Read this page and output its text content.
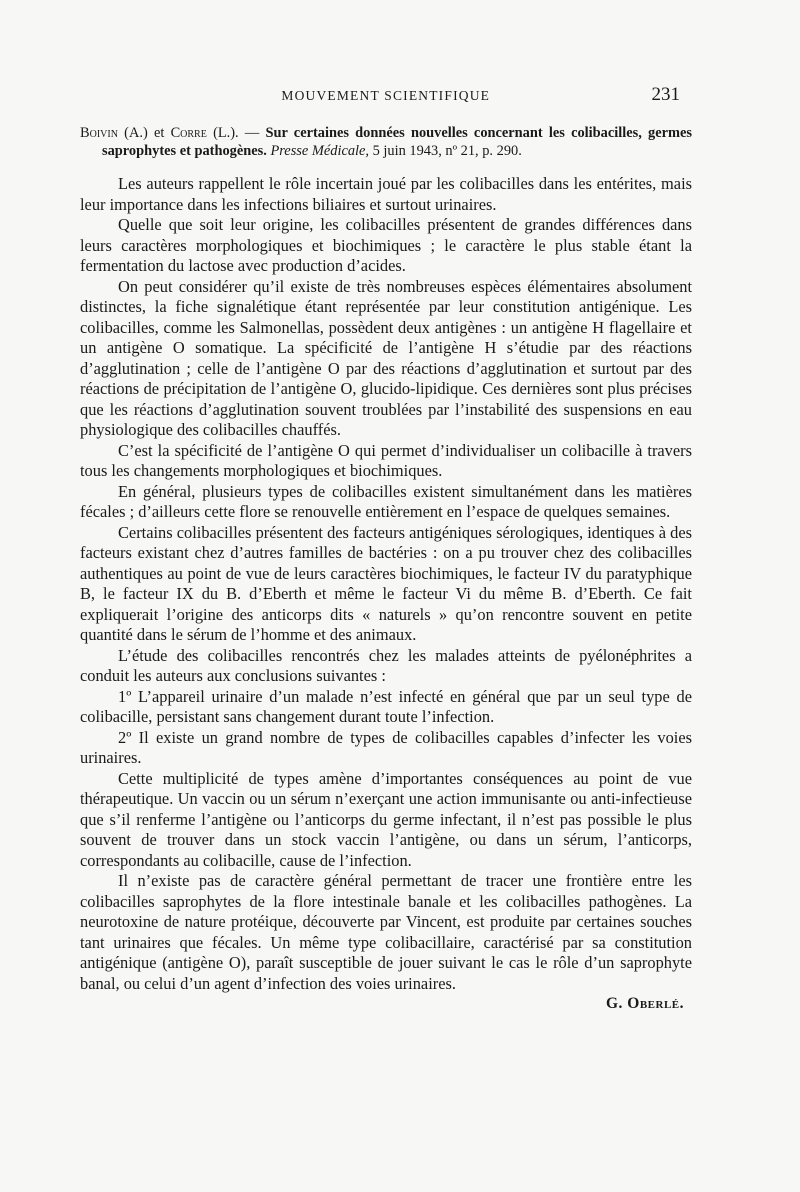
MOUVEMENT SCIENTIFIQUE	231

Boivin (A.) et Corre (L.). — Sur certaines données nouvelles concernant les colibacilles, germes saprophytes et pathogènes. Presse Médicale, 5 juin 1943, nº 21, p. 290.

Les auteurs rappellent le rôle incertain joué par les colibacilles dans les entérites, mais leur importance dans les infections biliaires et surtout urinaires.

Quelle que soit leur origine, les colibacilles présentent de grandes différences dans leurs caractères morphologiques et biochimiques ; le caractère le plus stable étant la fermentation du lactose avec production d’acides.

On peut considérer qu’il existe de très nombreuses espèces élémentaires absolument distinctes, la fiche signalétique étant représentée par leur constitution antigénique. Les colibacilles, comme les Salmonellas, possèdent deux antigènes : un antigène H flagellaire et un antigène O somatique. La spécificité de l’antigène H s’étudie par des réactions d’agglutination ; celle de l’antigène O par des réactions d’agglutination et surtout par des réactions de précipitation de l’antigène O, glucido-lipidique. Ces dernières sont plus précises que les réactions d’agglutination souvent troublées par l’instabilité des suspensions en eau physiologique des colibacilles chauffés.

C’est la spécificité de l’antigène O qui permet d’individualiser un colibacille à travers tous les changements morphologiques et biochimiques.

En général, plusieurs types de colibacilles existent simultanément dans les matières fécales ; d’ailleurs cette flore se renouvelle entièrement en l’espace de quelques semaines.

Certains colibacilles présentent des facteurs antigéniques sérologiques, identiques à des facteurs existant chez d’autres familles de bactéries : on a pu trouver chez des colibacilles authentiques au point de vue de leurs caractères biochimiques, le facteur IV du paratyphique B, le facteur IX du B. d’Eberth et même le facteur Vi du même B. d’Eberth. Ce fait expliquerait l’origine des anticorps dits « naturels » qu’on rencontre souvent en petite quantité dans le sérum de l’homme et des animaux.

L’étude des colibacilles rencontrés chez les malades atteints de pyélonéphrites a conduit les auteurs aux conclusions suivantes :

1º L’appareil urinaire d’un malade n’est infecté en général que par un seul type de colibacille, persistant sans changement durant toute l’infection.

2º Il existe un grand nombre de types de colibacilles capables d’infecter les voies urinaires.

Cette multiplicité de types amène d’importantes conséquences au point de vue thérapeutique. Un vaccin ou un sérum n’exerçant une action immunisante ou anti-infectieuse que s’il renferme l’antigène ou l’anticorps du germe infectant, il n’est pas possible le plus souvent de trouver dans un stock vaccin l’antigène, ou dans un sérum, l’anticorps, correspondants au colibacille, cause de l’infection.

Il n’existe pas de caractère général permettant de tracer une frontière entre les colibacilles saprophytes de la flore intestinale banale et les colibacilles pathogènes. La neurotoxine de nature protéique, découverte par Vincent, est produite par certaines souches tant urinaires que fécales. Un même type colibacillaire, caractérisé par sa constitution antigénique (antigène O), paraît susceptible de jouer suivant le cas le rôle d’un saprophyte banal, ou celui d’un agent d’infection des voies urinaires.

G. Oberlé.
